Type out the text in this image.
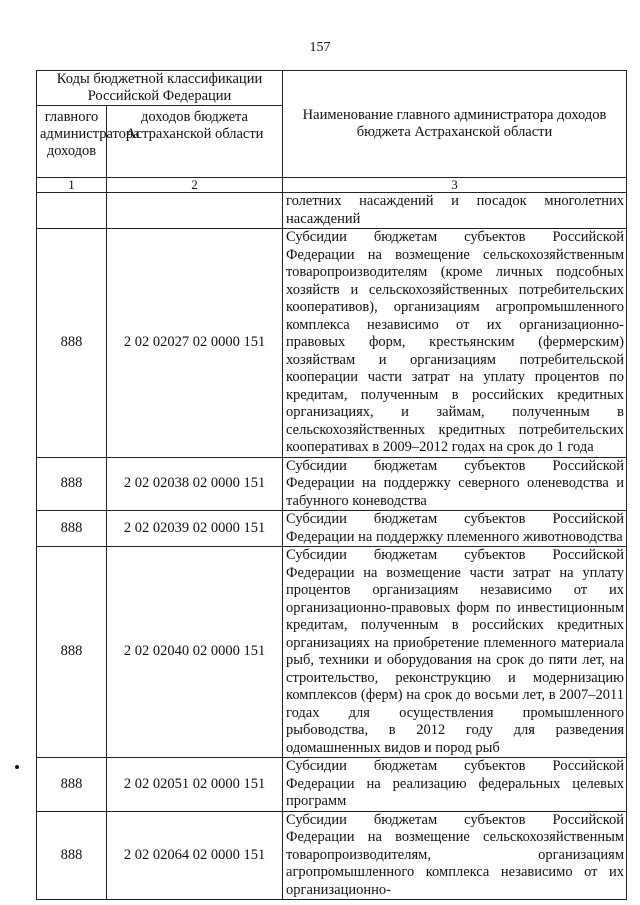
157
Коды бюджетной классификации Российской Федерации		Наименование главного администратора доходов бюджета Астраханской области
главного администратора доходов	доходов бюджета Астраханской области	
1	2	3

		голетних насаждений и посадок многолетних насаждений

888	2 02 02027 02 0000 151	Субсидии бюджетам субъектов Российской Федерации на возмещение сельскохозяйственным товаропроизводителям (кроме личных подсобных хозяйств и сельскохозяйственных потребительских кооперативов), организациям агропромышленного комплекса независимо от их организационно-правовых форм, крестьянским (фермерским) хозяйствам и организациям потребительской кооперации части затрат на уплату процентов по кредитам, полученным в российских кредитных организациях, и займам, полученным в сельскохозяйственных кредитных потребительских кооперативах в 2009–2012 годах на срок до 1 года

888	2 02 02038 02 0000 151	Субсидии бюджетам субъектов Российской Федерации на поддержку северного оленеводства и табунного коневодства

888	2 02 02039 02 0000 151	Субсидии бюджетам субъектов Российской Федерации на поддержку племенного животноводства

888	2 02 02040 02 0000 151	Субсидии бюджетам субъектов Российской Федерации на возмещение части затрат на уплату процентов организациям независимо от их организационно-правовых форм по инвестиционным кредитам, полученным в российских кредитных организациях на приобретение племенного материала рыб, техники и оборудования на срок до пяти лет, на строительство, реконструкцию и модернизацию комплексов (ферм) на срок до восьми лет, в 2007–2011 годах для осуществления промышленного рыбоводства, в 2012 году для разведения одомашненных видов и пород рыб

888	2 02 02051 02 0000 151	Субсидии бюджетам субъектов Российской Федерации на реализацию федеральных целевых программ

888	2 02 02064 02 0000 151	Субсидии бюджетам субъектов Российской Федерации на возмещение сельскохозяйственным товаропроизводителям, организациям агропромышленного комплекса независимо от их организационно-
